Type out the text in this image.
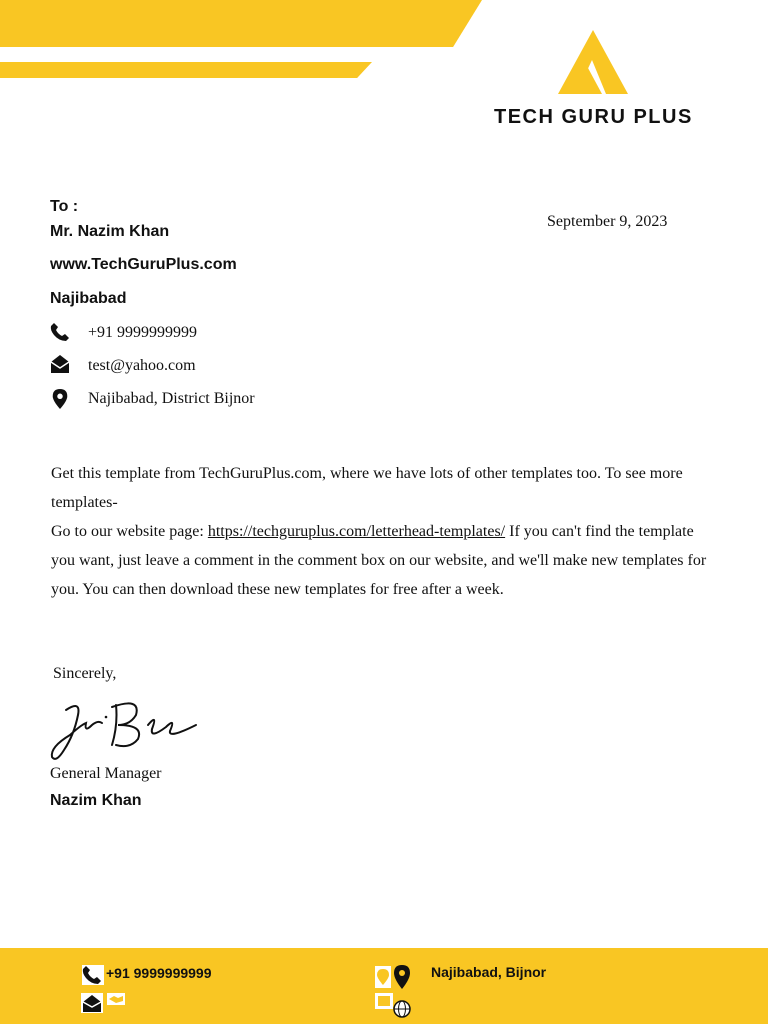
TECH GURU PLUS
To :
Mr. Nazim Khan
www.TechGuruPlus.com
Najibabad
September 9, 2023
+91 9999999999
test@yahoo.com
Najibabad, District Bijnor

Get this template from TechGuruPlus.com, where we have lots of other templates too. To see more templates-

Go to our website page: https://techguruplus.com/letterhead-templates/ If you can't find the template you want, just leave a comment in the comment box on our website, and we'll make new templates for you. You can then download these new templates for free after a week.

Sincerely,
General Manager
Nazim Khan
+91 9999999999	Najibabad, Bijnor
